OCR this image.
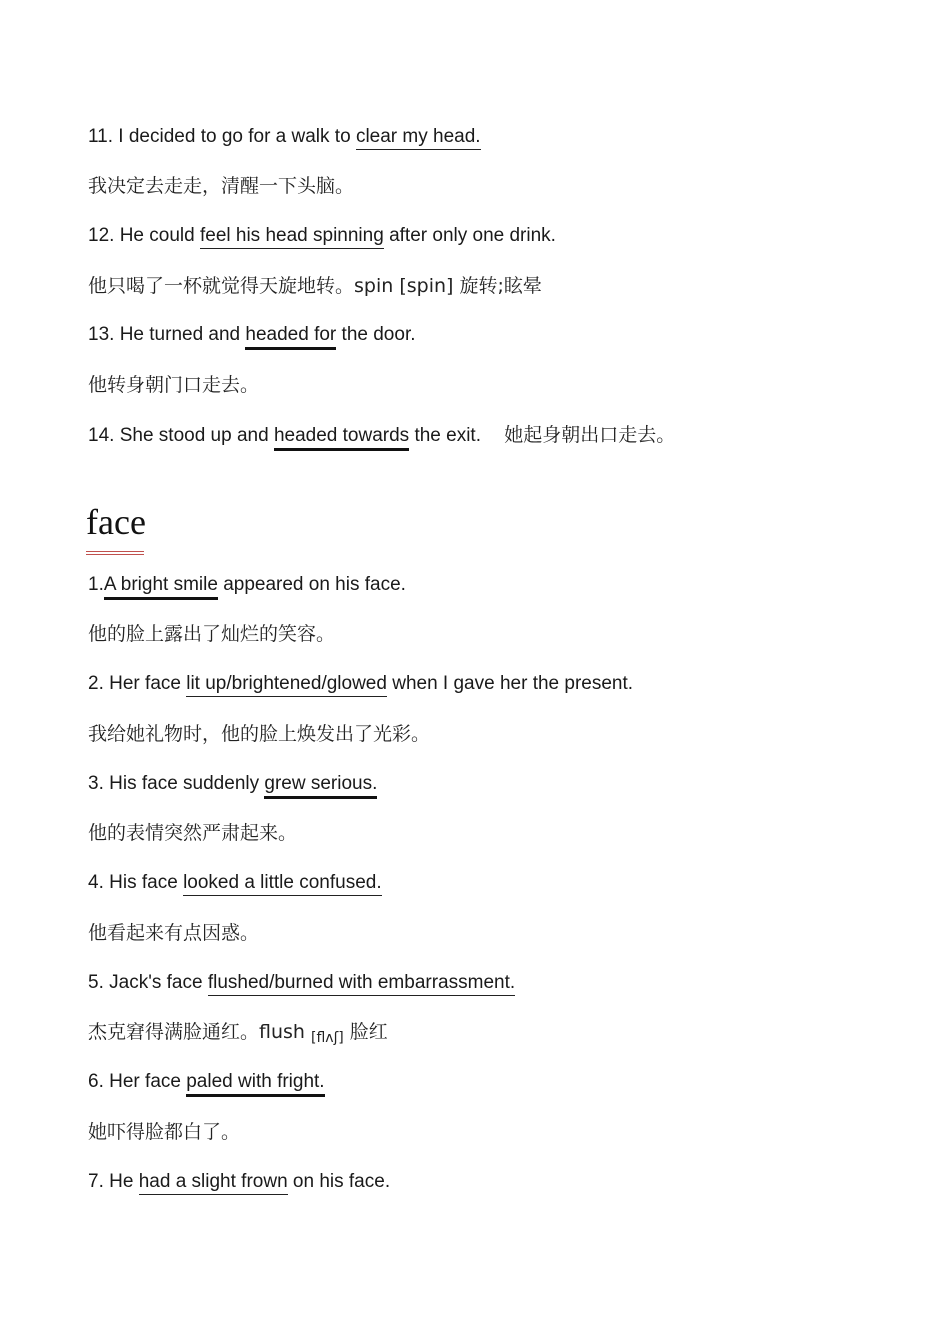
11. I decided to go for a walk to clear my head.
我决定去走走，清醒一下头脑。
12. He could feel his head spinning after only one drink.
他只喝了一杯就觉得天旋地转。spin [spin] 旋转;眩晕
13. He turned and headed for the door.
他转身朝门口走去。
14. She stood up and headed towards the exit. 她起身朝出口走去。
face
1.A bright smile appeared on his face.
他的脸上露出了灿烂的笑容。
2. Her face lit up/brightened/glowed when I gave her the present.
我给她礼物时，他的脸上焕发出了光彩。
3. His face suddenly grew serious.
他的表情突然严肃起来。
4. His face looked a little confused.
他看起来有点因惑。
5. Jack's face flushed/burned with embarrassment.
杰克窘得满脸通红。flush $_{[flʌʃ]}$ 脸红
6. Her face paled with fright.
她吓得脸都白了。
7. He had a slight frown on his face.
